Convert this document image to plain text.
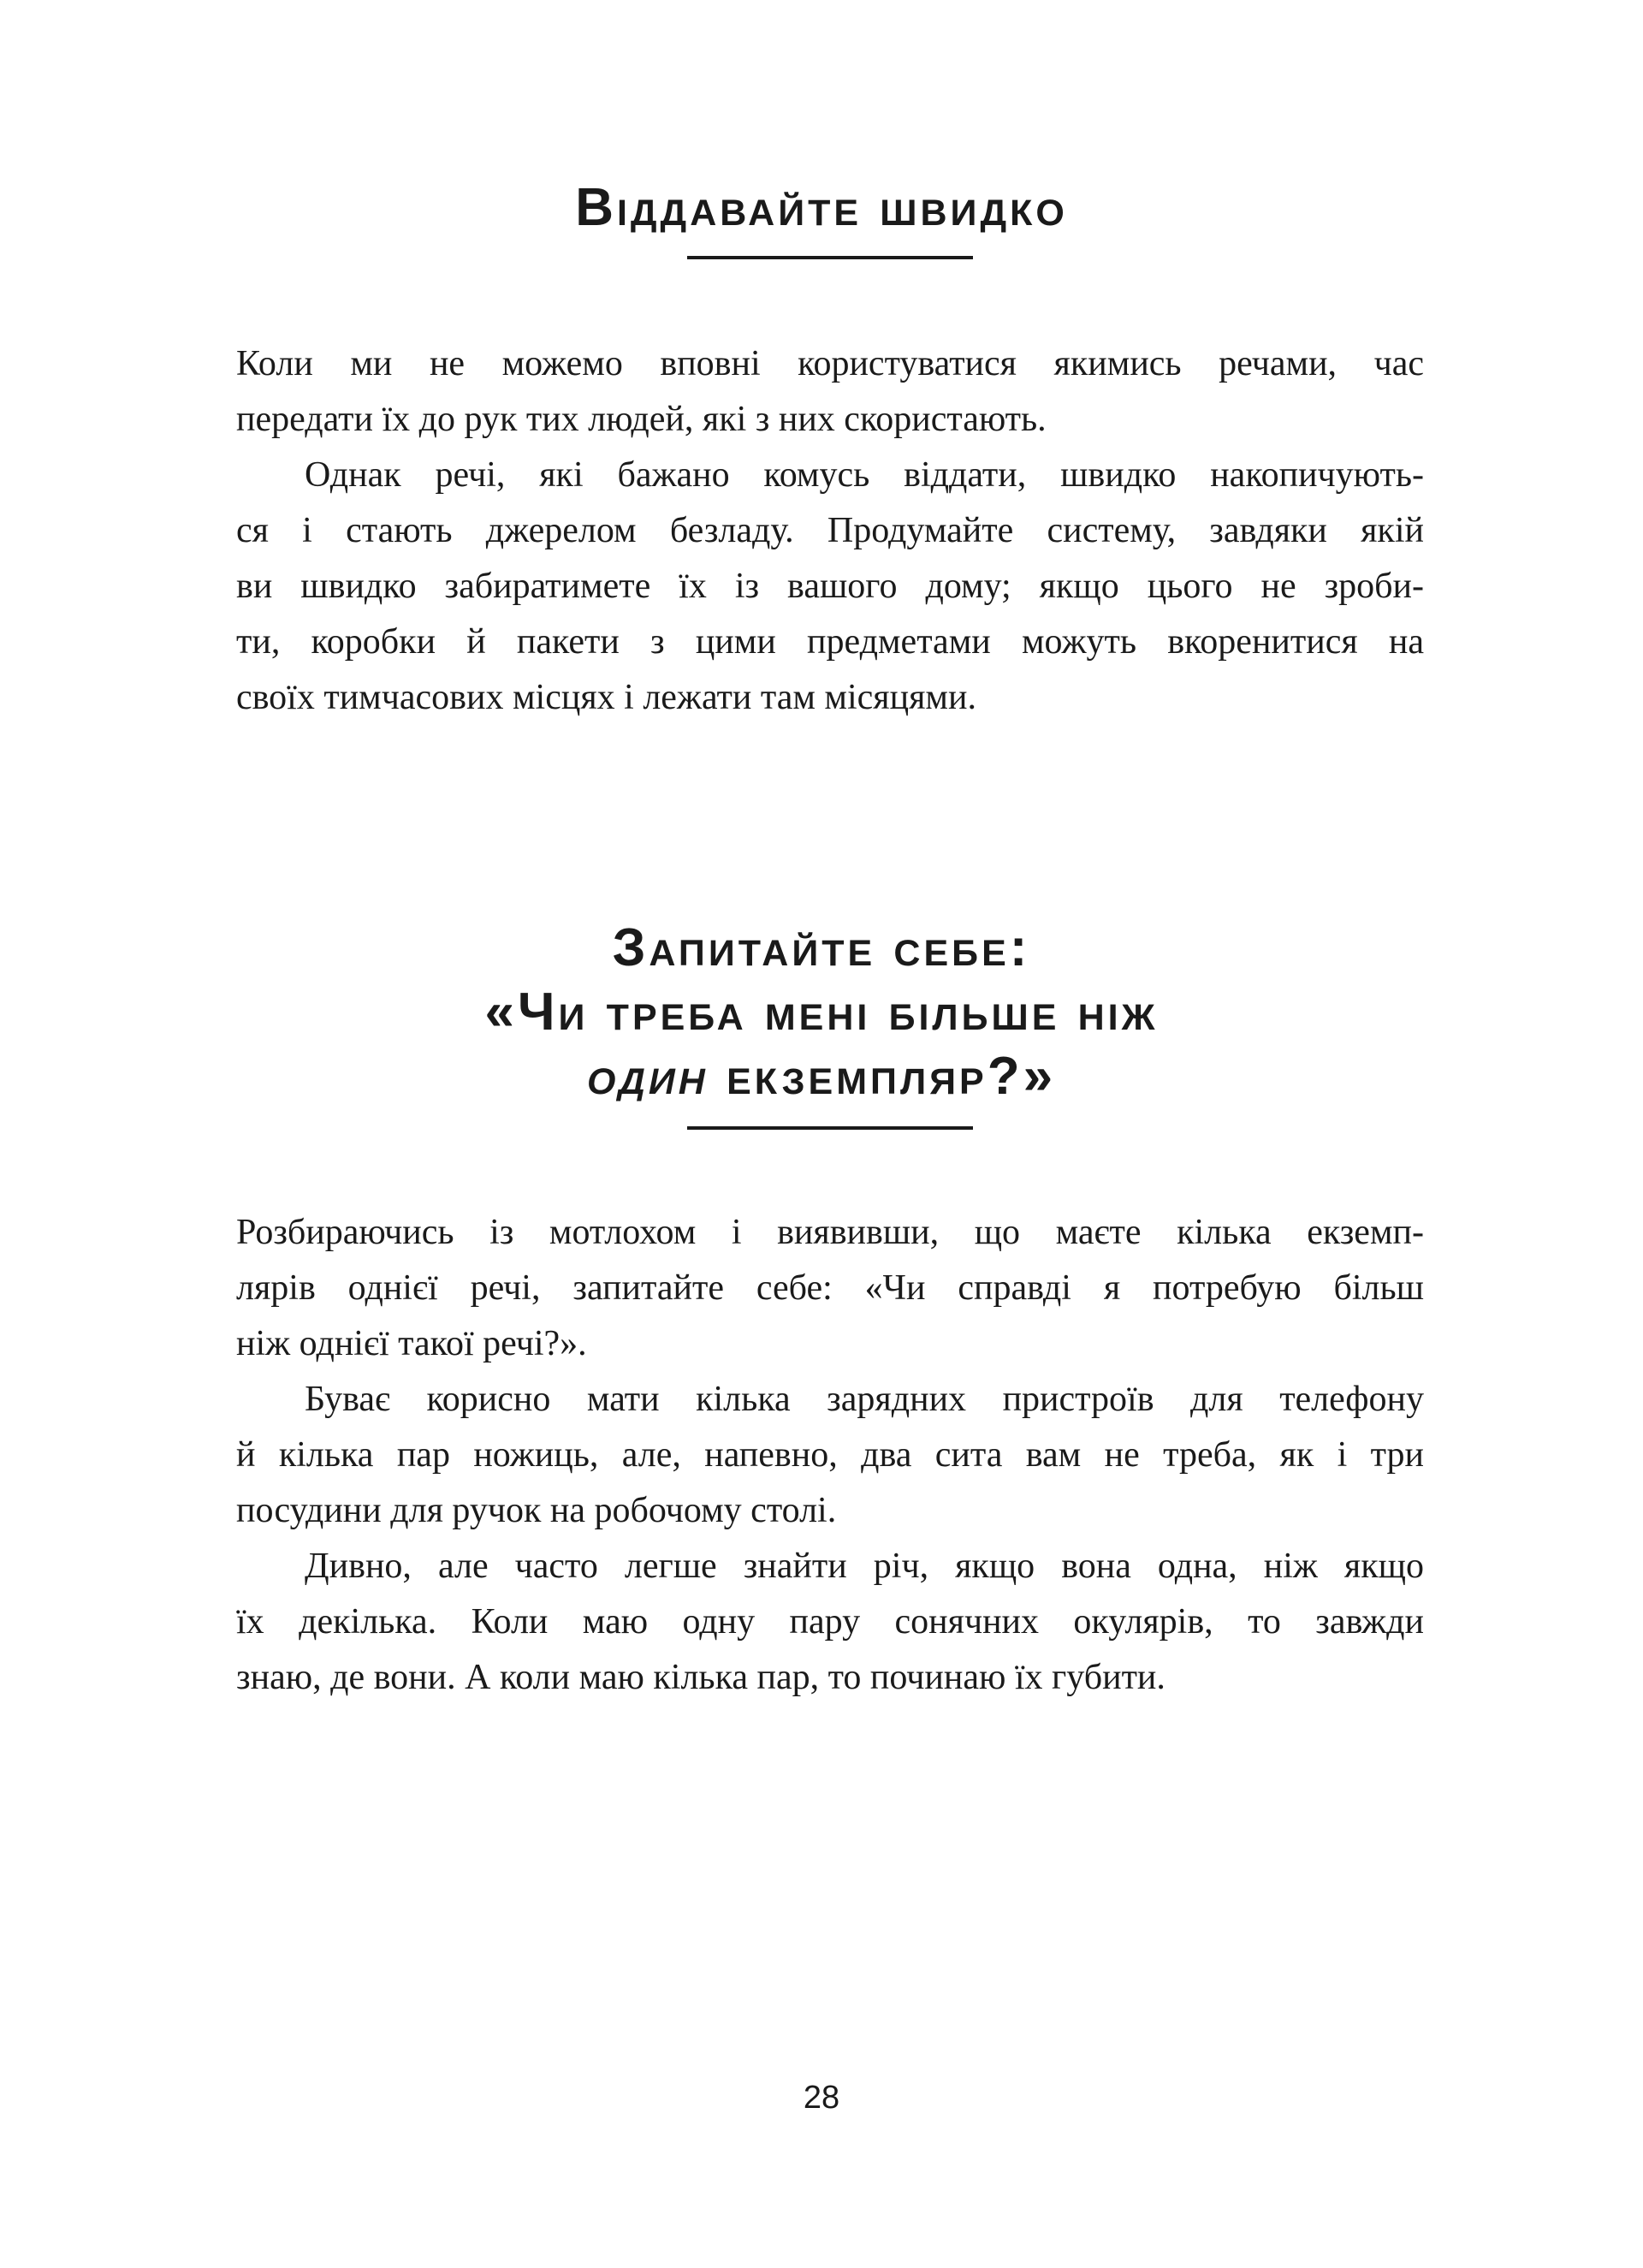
Віддавайте швидко
Коли ми не можемо вповні користуватися якимись речами, час
передати їх до рук тих людей, які з них скористають.
Однак речі, які бажано комусь віддати, швидко накопичують-
ся і стають джерелом безладу. Продумайте систему, завдяки якій
ви швидко забиратимете їх із вашого дому; якщо цього не зроби-
ти, коробки й пакети з цими предметами можуть вкоренитися на
своїх тимчасових місцях і лежати там місяцями.
Запитайте себе:
«Чи треба мені більше ніж
один екземпляр?»
Розбираючись із мотлохом і виявивши, що маєте кілька екземп-
лярів однієї речі, запитайте себе: «Чи справді я потребую більш
ніж однієї такої речі?».
Буває корисно мати кілька зарядних пристроїв для телефону
й кілька пар ножиць, але, напевно, два сита вам не треба, як і три
посудини для ручок на робочому столі.
Дивно, але часто легше знайти річ, якщо вона одна, ніж якщо
їх декілька. Коли маю одну пару сонячних окулярів, то завжди
знаю, де вони. А коли маю кілька пар, то починаю їх губити.
28
